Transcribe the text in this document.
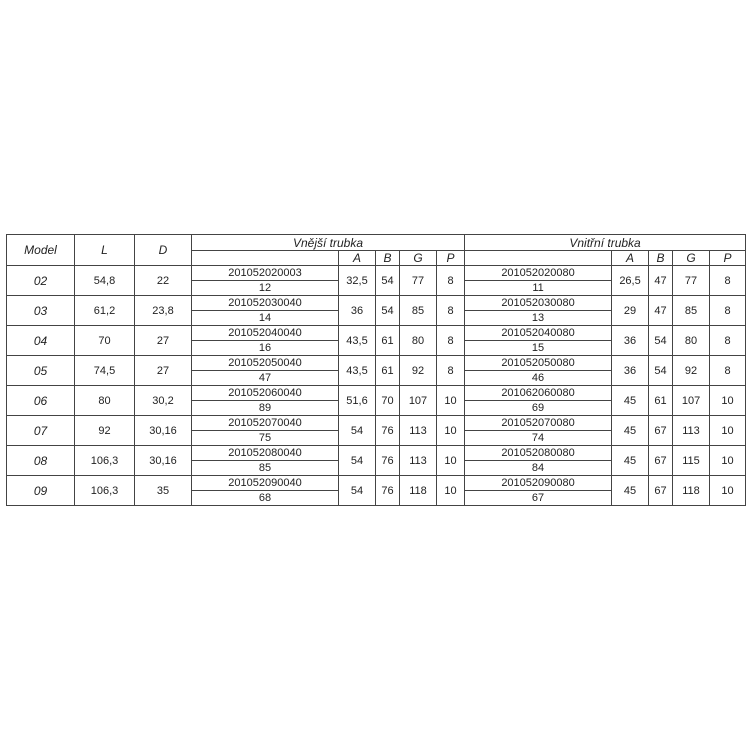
Model	L	D	Vnější trubka					Vnitřní trubka				
				A	B	G	P		A	B	G	P
02	54,8	22	201052020003	32,5	54	77	8	201052020080	26,5	47	77	8
			12					11				
03	61,2	23,8	201052030040	36	54	85	8	201052030080	29	47	85	8
			14					13				
04	70	27	201052040040	43,5	61	80	8	201052040080	36	54	80	8
			16					15				
05	74,5	27	201052050040	43,5	61	92	8	201052050080	36	54	92	8
			47					46				
06	80	30,2	201052060040	51,6	70	107	10	201062060080	45	61	107	10
			89					69				
07	92	30,16	201052070040	54	76	113	10	201052070080	45	67	113	10
			75					74				
08	106,3	30,16	201052080040	54	76	113	10	201052080080	45	67	115	10
			85					84				
09	106,3	35	201052090040	54	76	118	10	201052090080	45	67	118	10
			68					67				
